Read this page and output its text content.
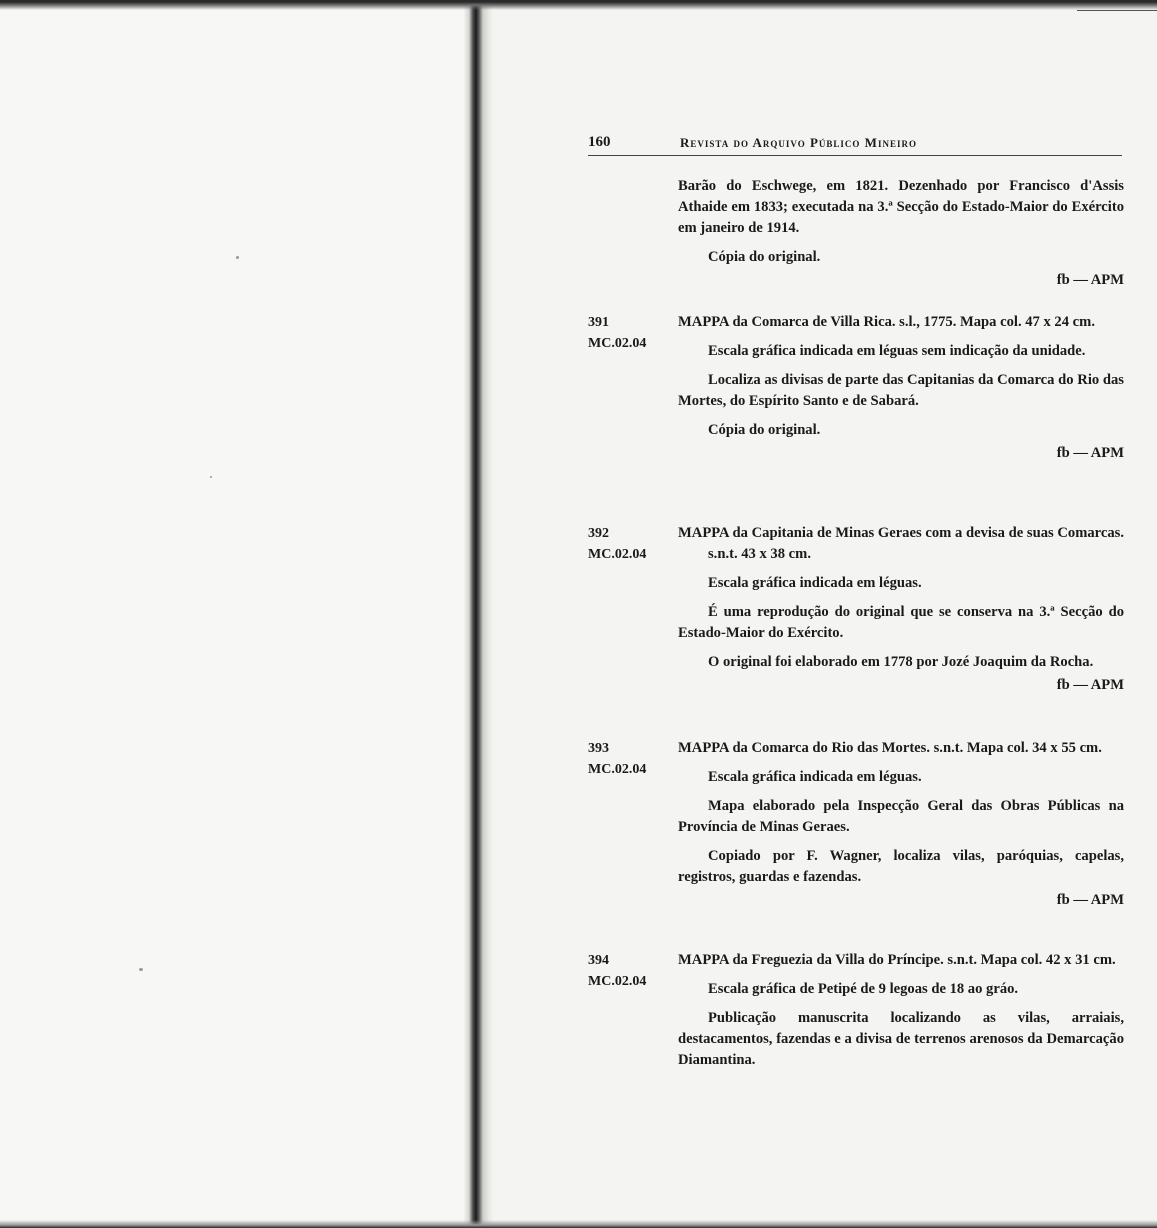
160	Revista do Arquivo Público Mineiro

Barão do Eschwege, em 1821. Dezenhado por Francisco d'Assis Athaide em 1833; executada na 3.ª Secção do Estado-Maior do Exército em janeiro de 1914.

Cópia do original.

fb — APM
391
MC.02.04

MAPPA da Comarca de Villa Rica. s.l., 1775. Mapa col. 47 x 24 cm.

Escala gráfica indicada em léguas sem indicação da unidade.

Localiza as divisas de parte das Capitanias da Comarca do Rio das Mortes, do Espírito Santo e de Sabará.

Cópia do original.

fb — APM
392
MC.02.04

MAPPA da Capitania de Minas Geraes com a devisa de suas Comarcas. s.n.t. 43 x 38 cm.

Escala gráfica indicada em léguas.

É uma reprodução do original que se conserva na 3.ª Secção do Estado-Maior do Exército.

O original foi elaborado em 1778 por Jozé Joaquim da Rocha.

fb — APM
393
MC.02.04

MAPPA da Comarca do Rio das Mortes. s.n.t. Mapa col. 34 x 55 cm.

Escala gráfica indicada em léguas.

Mapa elaborado pela Inspecção Geral das Obras Públicas na Província de Minas Geraes.

Copiado por F. Wagner, localiza vilas, paróquias, capelas, registros, guardas e fazendas.

fb — APM
394
MC.02.04

MAPPA da Freguezia da Villa do Príncipe. s.n.t. Mapa col. 42 x 31 cm.

Escala gráfica de Petipé de 9 legoas de 18 ao gráo.

Publicação manuscrita localizando as vilas, arraiais, destacamentos, fazendas e a divisa de terrenos arenosos da Demarcação Diamantina.
